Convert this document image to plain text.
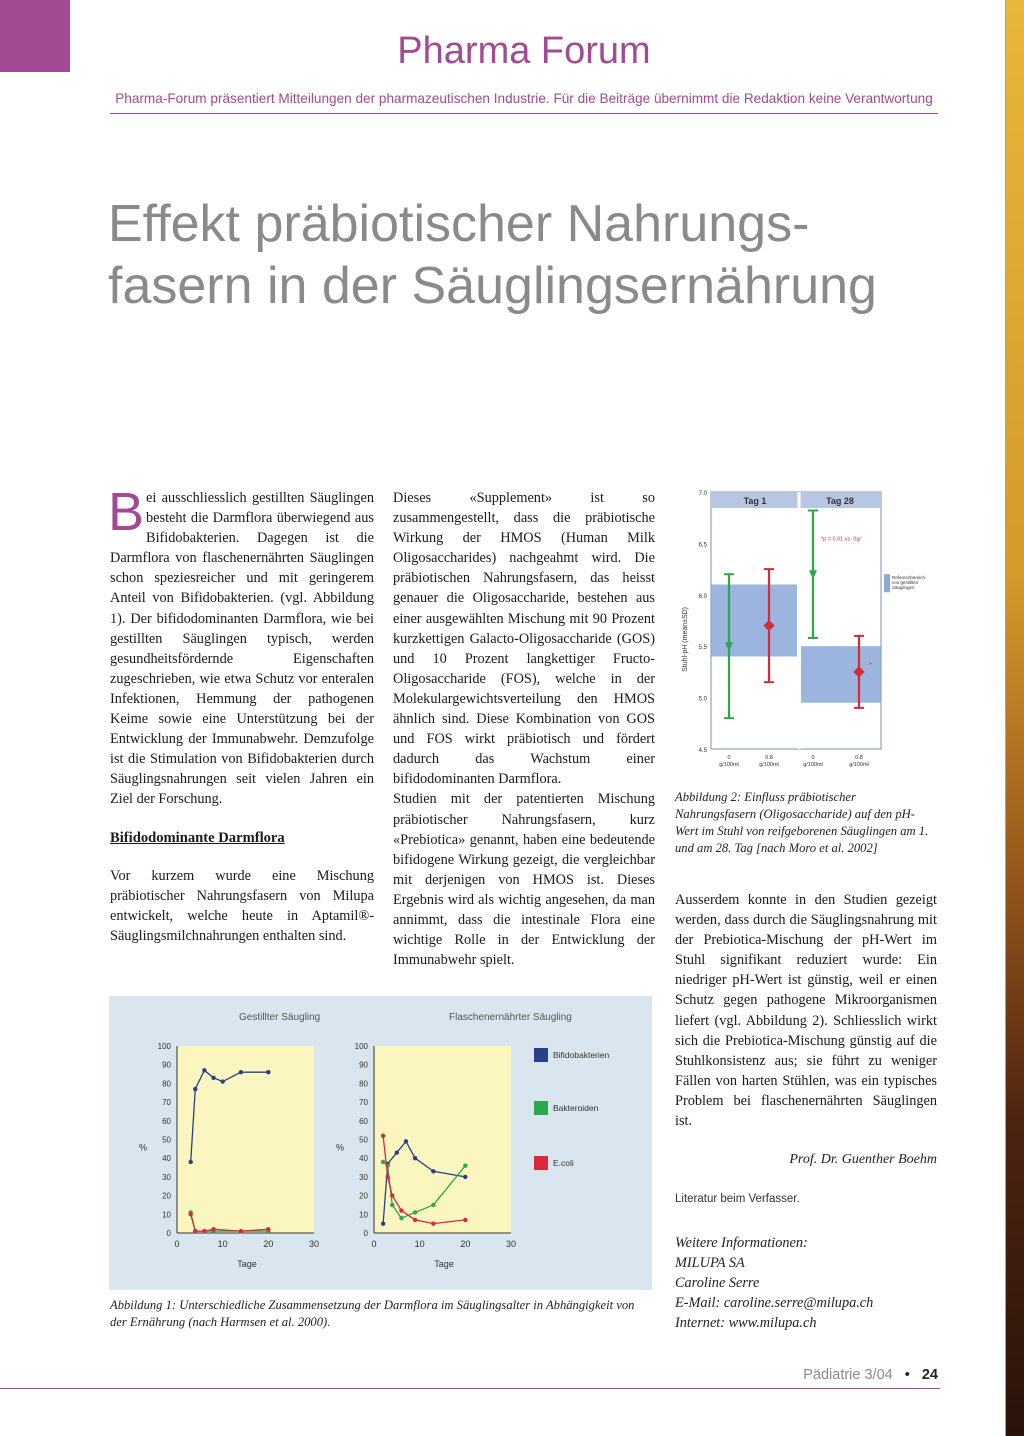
Pharma Forum
Pharma-Forum präsentiert Mitteilungen der pharmazeutischen Industrie. Für die Beiträge übernimmt die Redaktion keine Verantwortung
Effekt präbiotischer Nahrungs-
fasern in der Säuglingsernährung

Bei ausschliesslich gestillten Säuglingen besteht die Darmflora überwiegend aus Bifidobakterien. Dagegen ist die Darmflora von flaschenernährten Säuglingen schon speziesreicher und mit geringerem Anteil von Bifidobakterien. (vgl. Abbildung 1). Der bifidodominanten Darmflora, wie bei gestillten Säuglingen typisch, werden gesundheitsfördernde Eigenschaften zugeschrieben, wie etwa Schutz vor enteralen Infektionen, Hemmung der pathogenen Keime sowie eine Unterstützung bei der Entwicklung der Immunabwehr. Demzufolge ist die Stimulation von Bifidobakterien durch Säuglingsnahrungen seit vielen Jahren ein Ziel der Forschung.

Bifidodominante Darmflora

Vor kurzem wurde eine Mischung präbiotischer Nahrungsfasern von Milupa entwickelt, welche heute in Aptamil®-Säuglingsmilchnahrungen enthalten sind.

Dieses «Supplement» ist so zusammengestellt, dass die präbiotische Wirkung der HMOS (Human Milk Oligosaccharides) nachgeahmt wird. Die präbiotischen Nahrungsfasern, das heisst genauer die Oligosaccharide, bestehen aus einer ausgewählten Mischung mit 90 Prozent kurzkettigen Galacto-Oligosaccharide (GOS) und 10 Prozent langkettiger Fructo-Oligosaccharide (FOS), welche in der Molekulargewichtsverteilung den HMOS ähnlich sind. Diese Kombination von GOS und FOS wirkt präbiotisch und fördert dadurch das Wachstum einer bifidodominanten Darmflora.

Studien mit der patentierten Mischung präbiotischer Nahrungsfasern, kurz «Prebiotica» genannt, haben eine bedeutende bifidogene Wirkung gezeigt, die vergleichbar mit derjenigen von HMOS ist. Dieses Ergebnis wird als wichtig angesehen, da man annimmt, dass die intestinale Flora eine wichtige Rolle in der Entwicklung der Immunabwehr spielt.

Ausserdem konnte in den Studien gezeigt werden, dass durch die Säuglingsnahrung mit der Prebiotica-Mischung der pH-Wert im Stuhl signifikant reduziert wurde: Ein niedriger pH-Wert ist günstig, weil er einen Schutz gegen pathogene Mikroorganismen liefert (vgl. Abbildung 2). Schliesslich wirkt sich die Prebiotica-Mischung günstig auf die Stuhlkonsistenz aus; sie führt zu weniger Fällen von harten Stühlen, was ein typisches Problem bei flaschenernährten Säuglingen ist.

Prof. Dr. Guenther Boehm
Literatur beim Verfasser.
Weitere Informationen:
MILUPA SA
Caroline Serre
E-Mail: caroline.serre@milupa.ch
Internet: www.milupa.ch
Gestillter Säugling
0
10
20
30
40
50
60
70
80
90
100
0	10	20	30
%
Tage
Flaschenernährter Säugling
0
10
20
30
40
50
60
70
80
90
100
0	10	20	30
%
Tage
Bifidobakterien
Bakteroiden
E.coli
Abbildung 1: Unterschiedliche Zusammensetzung der Darmflora im Säuglingsalter in Abhängigkeit von der Ernährung (nach Harmsen et al. 2000).
Tag 1	Tag 28
4.5
5.0
5.5
6.0
6.5
7.0
Stuhl-pH (mean±SD)
0
g/100ml
0.8
g/100ml
0
g/100ml
0.8
g/100ml
*p = 0.01 vs. 0g/
*
Referenzbereich
von gestillten
Säuglingen
Abbildung 2: Einfluss präbiotischer Nahrungsfasern (Oligosaccharide) auf den pH-Wert im Stuhl von reifgeborenen Säuglingen am 1. und am 28. Tag [nach Moro et al. 2002]
Pädiatrie 3/04 • 24
